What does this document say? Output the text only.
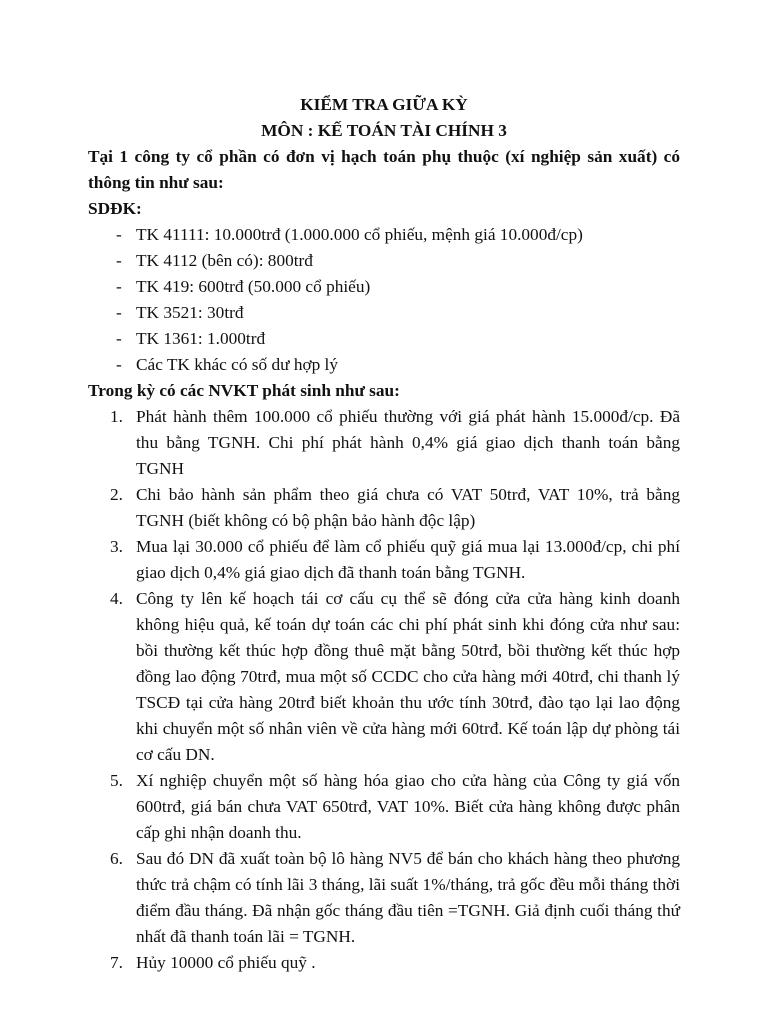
KIỂM TRA GIỮA KỲ
MÔN : KẾ TOÁN TÀI CHÍNH 3
Tại 1 công ty cổ phần có đơn vị hạch toán phụ thuộc (xí nghiệp sản xuất) có thông tin như sau:
SDĐK:
- TK 41111: 10.000trđ (1.000.000 cổ phiếu, mệnh giá 10.000đ/cp)
- TK 4112 (bên có): 800trđ
- TK 419: 600trđ (50.000 cổ phiếu)
- TK 3521: 30trđ
- TK 1361: 1.000trđ
- Các TK khác có số dư hợp lý
Trong kỳ có các NVKT phát sinh như sau:
1. Phát hành thêm 100.000 cổ phiếu thường với giá phát hành 15.000đ/cp. Đã thu bằng TGNH. Chi phí phát hành 0,4% giá giao dịch thanh toán bằng TGNH
2. Chi bảo hành sản phẩm theo giá chưa có VAT 50trđ, VAT 10%, trả bằng TGNH (biết không có bộ phận bảo hành độc lập)
3. Mua lại 30.000 cổ phiếu để làm cổ phiếu quỹ giá mua lại 13.000đ/cp, chi phí giao dịch 0,4% giá giao dịch đã thanh toán bằng TGNH.
4. Công ty lên kế hoạch tái cơ cấu cụ thể sẽ đóng cửa cửa hàng kinh doanh không hiệu quả, kế toán dự toán các chi phí phát sinh khi đóng cửa như sau: bồi thường kết thúc hợp đồng thuê mặt bằng 50trđ, bồi thường kết thúc hợp đồng lao động 70trđ, mua một số CCDC cho cửa hàng mới 40trđ, chi thanh lý TSCĐ tại cửa hàng 20trđ biết khoản thu ước tính 30trđ, đào tạo lại lao động khi chuyển một số nhân viên về cửa hàng mới 60trđ. Kế toán lập dự phòng tái cơ cấu DN.
5. Xí nghiệp chuyển một số hàng hóa giao cho cửa hàng của Công ty giá vốn 600trđ, giá bán chưa VAT 650trđ, VAT 10%. Biết cửa hàng không được phân cấp ghi nhận doanh thu.
6. Sau đó DN đã xuất toàn bộ lô hàng NV5 để bán cho khách hàng theo phương thức trả chậm có tính lãi 3 tháng, lãi suất 1%/tháng, trả gốc đều mỗi tháng thời điểm đầu tháng. Đã nhận gốc tháng đầu tiên =TGNH. Giả định cuối tháng thứ nhất đã thanh toán lãi = TGNH.
7. Hủy 10000 cổ phiếu quỹ .
